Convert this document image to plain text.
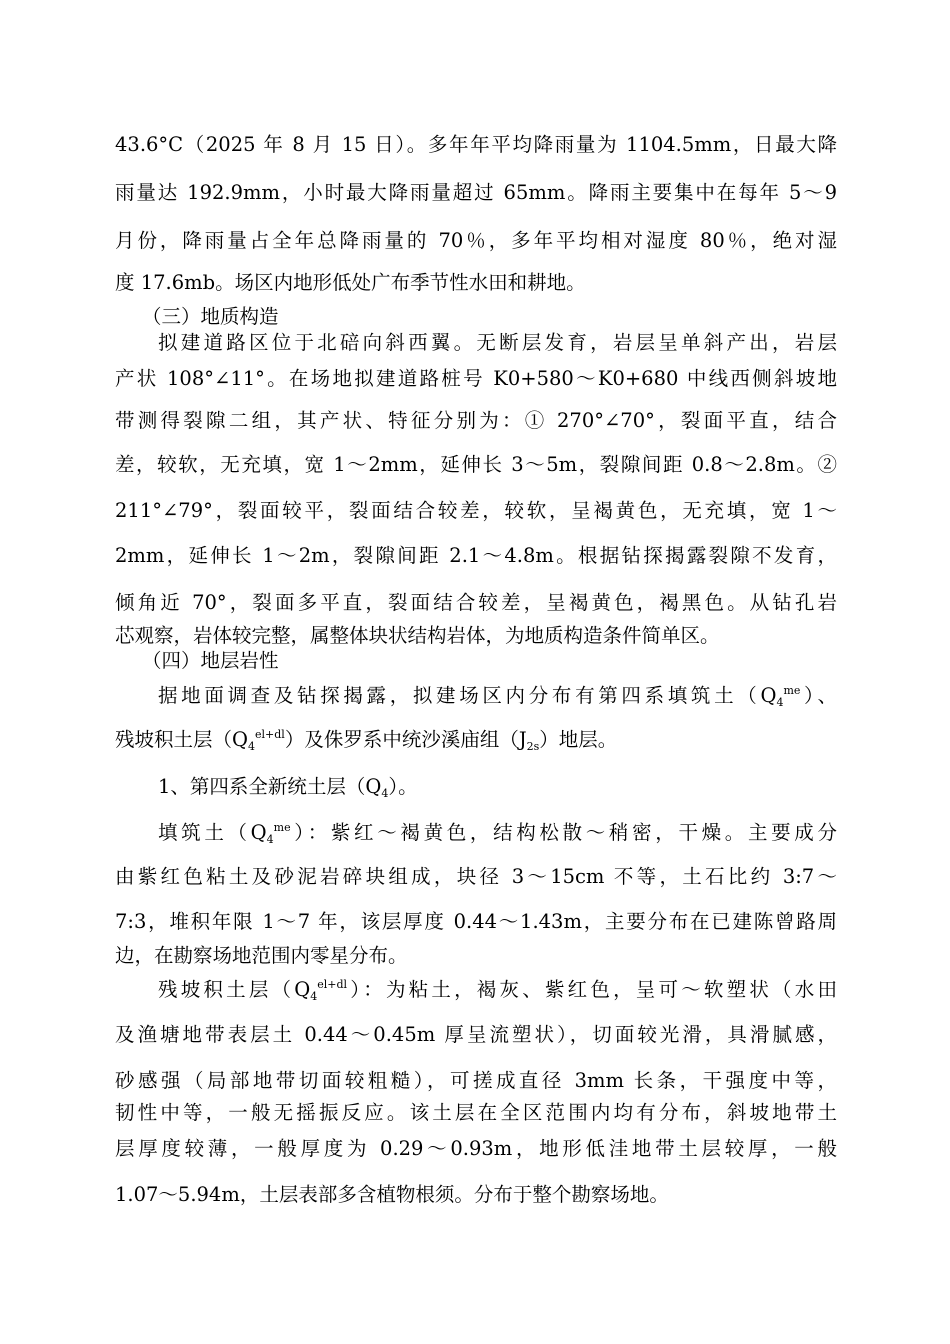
43.6°C（2025 年 8 月 15 日）。多年年平均降雨量为 1104.5mm，日最大降
雨量达 192.9mm，小时最大降雨量超过 65mm。降雨主要集中在每年 5～9
月份，降雨量占全年总降雨量的 70％，多年平均相对湿度 80％，绝对湿
度 17.6mb。场区内地形低处广布季节性水田和耕地。
（三）地质构造
拟建道路区位于北碚向斜西翼。无断层发育，岩层呈单斜产出，岩层
产状 108°∠11°。在场地拟建道路桩号 K0+580～K0+680 中线西侧斜坡地
带测得裂隙二组，其产状、特征分别为：① 270°∠70°，裂面平直，结合
差，较软，无充填，宽 1～2mm，延伸长 3～5m，裂隙间距 0.8～2.8m。②
211°∠79°，裂面较平，裂面结合较差，较软，呈褐黄色，无充填，宽 1～
2mm，延伸长 1～2m，裂隙间距 2.1～4.8m。根据钻探揭露裂隙不发育，
倾角近 70°，裂面多平直，裂面结合较差，呈褐黄色，褐黑色。从钻孔岩
芯观察，岩体较完整，属整体块状结构岩体，为地质构造条件简单区。
（四）地层岩性
据地面调查及钻探揭露，拟建场区内分布有第四系填筑土$(Q_4^{me})$、
残坡积土层$(Q_4^{el+dl})$及侏罗系中统沙溪庙组$(J_{2s})$地层。
1、第四系全新统土层$(Q_4)$。
填筑土$(Q_4^{me})$：紫红～褐黄色，结构松散～稍密，干燥。主要成分
由紫红色粘土及砂泥岩碎块组成，块径 3～15cm 不等，土石比约 3:7～
7:3，堆积年限 1～7 年，该层厚度 0.44～1.43m，主要分布在已建陈曾路周
边，在勘察场地范围内零星分布。
残坡积土层$(Q_4^{el+dl})$：为粘土，褐灰、紫红色，呈可～软塑状（水田
及渔塘地带表层土 0.44～0.45m 厚呈流塑状），切面较光滑，具滑腻感，
砂感强（局部地带切面较粗糙），可搓成直径 3mm 长条，干强度中等，
韧性中等，一般无摇振反应。该土层在全区范围内均有分布，斜坡地带土
层厚度较薄，一般厚度为 0.29～0.93m，地形低洼地带土层较厚，一般
1.07～5.94m，土层表部多含植物根须。分布于整个勘察场地。
